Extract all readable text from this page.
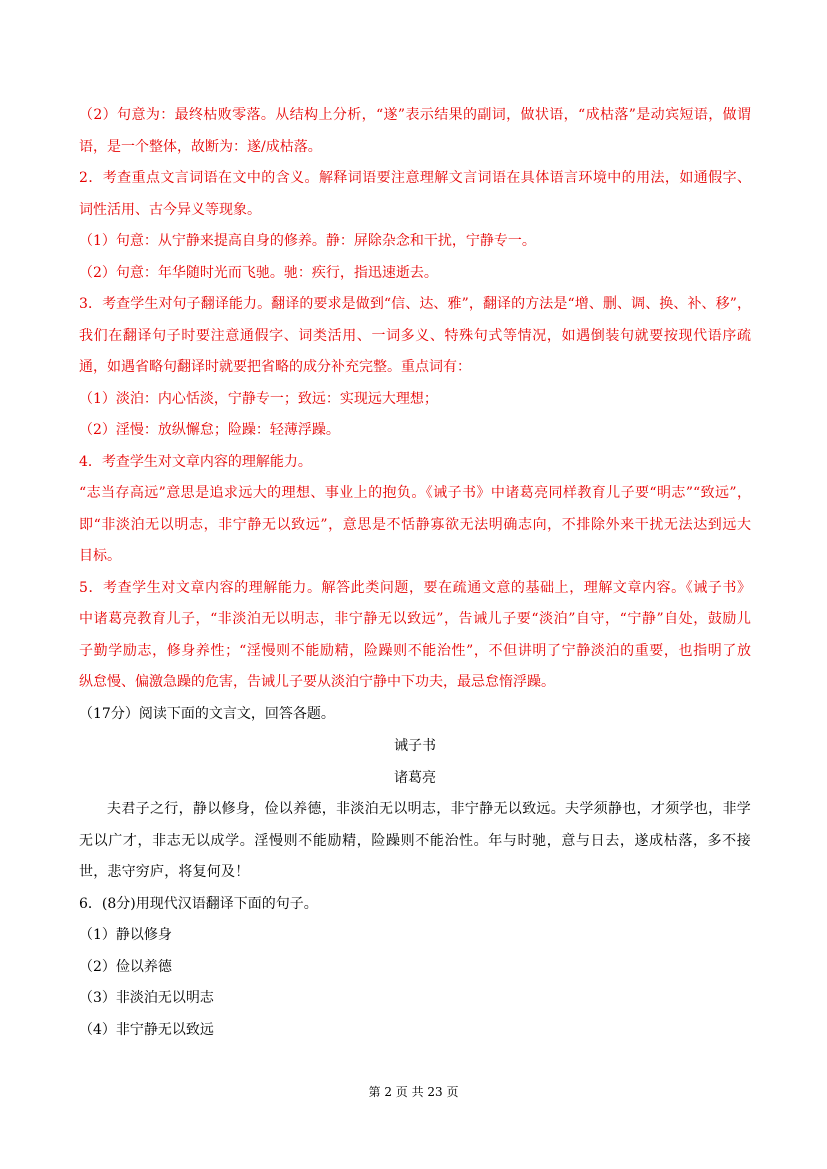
（2）句意为：最终枯败零落。从结构上分析，“遂”表示结果的副词，做状语，“成枯落”是动宾短语，做谓

语，是一个整体，故断为：遂/成枯落。

2．考查重点文言词语在文中的含义。解释词语要注意理解文言词语在具体语言环境中的用法，如通假字、

词性活用、古今异义等现象。

（1）句意：从宁静来提高自身的修养。静：屏除杂念和干扰，宁静专一。

（2）句意：年华随时光而飞驰。驰：疾行，指迅速逝去。

3．考查学生对句子翻译能力。翻译的要求是做到“信、达、雅”，翻译的方法是“增、删、调、换、补、移”，

我们在翻译句子时要注意通假字、词类活用、一词多义、特殊句式等情况，如遇倒装句就要按现代语序疏

通，如遇省略句翻译时就要把省略的成分补充完整。重点词有：

（1）淡泊：内心恬淡，宁静专一；致远：实现远大理想；

（2）淫慢：放纵懈怠；险躁：轻薄浮躁。

4．考查学生对文章内容的理解能力。

“志当存高远”意思是追求远大的理想、事业上的抱负。《诫子书》中诸葛亮同样教育儿子要“明志”“致远”，

即“非淡泊无以明志，非宁静无以致远”，意思是不恬静寡欲无法明确志向，不排除外来干扰无法达到远大

目标。

5．考查学生对文章内容的理解能力。解答此类问题，要在疏通文意的基础上，理解文章内容。《诫子书》

中诸葛亮教育儿子，“非淡泊无以明志，非宁静无以致远”，告诫儿子要“淡泊”自守，“宁静”自处，鼓励儿

子勤学励志，修身养性；“淫慢则不能励精，险躁则不能治性”，不但讲明了宁静淡泊的重要，也指明了放

纵怠慢、偏激急躁的危害，告诫儿子要从淡泊宁静中下功夫，最忌怠惰浮躁。

（17分）阅读下面的文言文，回答各题。

诫子书

诸葛亮

夫君子之行，静以修身，俭以养德，非淡泊无以明志，非宁静无以致远。夫学须静也，才须学也，非学无以广才，非志无以成学。淫慢则不能励精，险躁则不能治性。年与时驰，意与日去，遂成枯落，多不接世，悲守穷庐，将复何及！

6．(8分)用现代汉语翻译下面的句子。

（1）静以修身

（2）俭以养德

（3）非淡泊无以明志

（4）非宁静无以致远

第 2 页 共 23 页
